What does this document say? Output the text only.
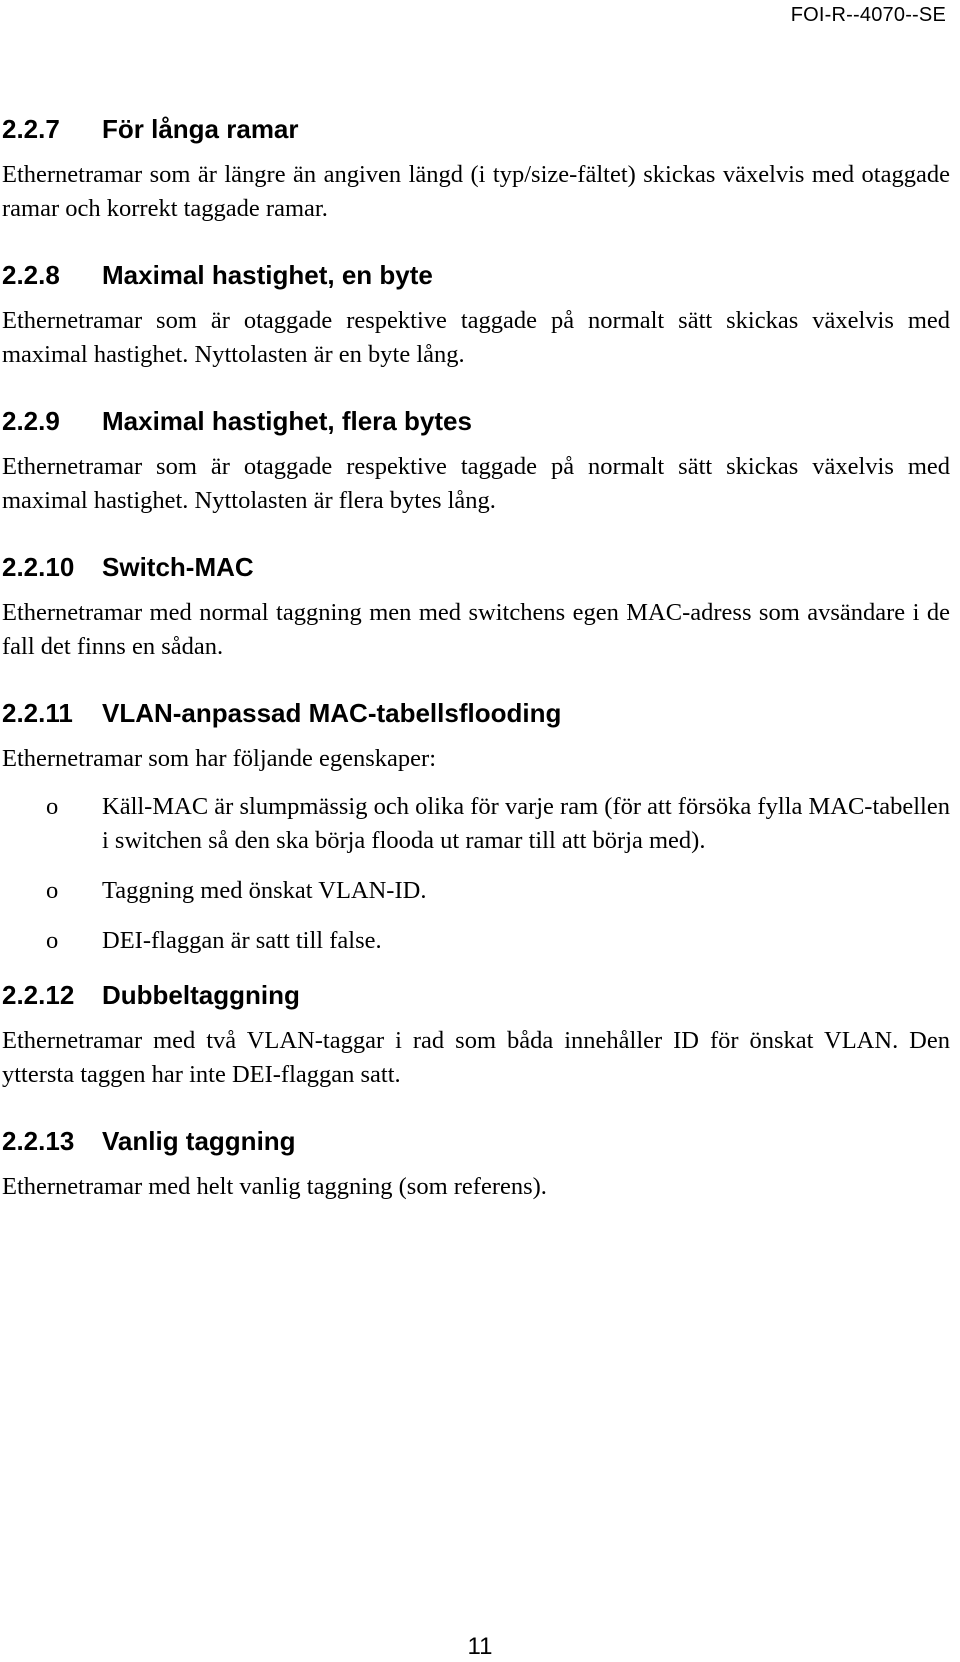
FOI-R--4070--SE
2.2.7	För långa ramar

Ethernetramar som är längre än angiven längd (i typ/size-fältet) skickas växelvis med otaggade ramar och korrekt taggade ramar.

2.2.8	Maximal hastighet, en byte

Ethernetramar som är otaggade respektive taggade på normalt sätt skickas växelvis med maximal hastighet. Nyttolasten är en byte lång.

2.2.9	Maximal hastighet, flera bytes

Ethernetramar som är otaggade respektive taggade på normalt sätt skickas växelvis med maximal hastighet. Nyttolasten är flera bytes lång.

2.2.10	Switch-MAC

Ethernetramar med normal taggning men med switchens egen MAC-adress som avsändare i de fall det finns en sådan.

2.2.11	VLAN-anpassad MAC-tabellsflooding

Ethernetramar som har följande egenskaper:

o	Käll-MAC är slumpmässig och olika för varje ram (för att försöka fylla MAC-tabellen i switchen så den ska börja flooda ut ramar till att börja med).
o	Taggning med önskat VLAN-ID.
o	DEI-flaggan är satt till false.
2.2.12	Dubbeltaggning

Ethernetramar med två VLAN-taggar i rad som båda innehåller ID för önskat VLAN. Den yttersta taggen har inte DEI-flaggan satt.

2.2.13	Vanlig taggning

Ethernetramar med helt vanlig taggning (som referens).

11
